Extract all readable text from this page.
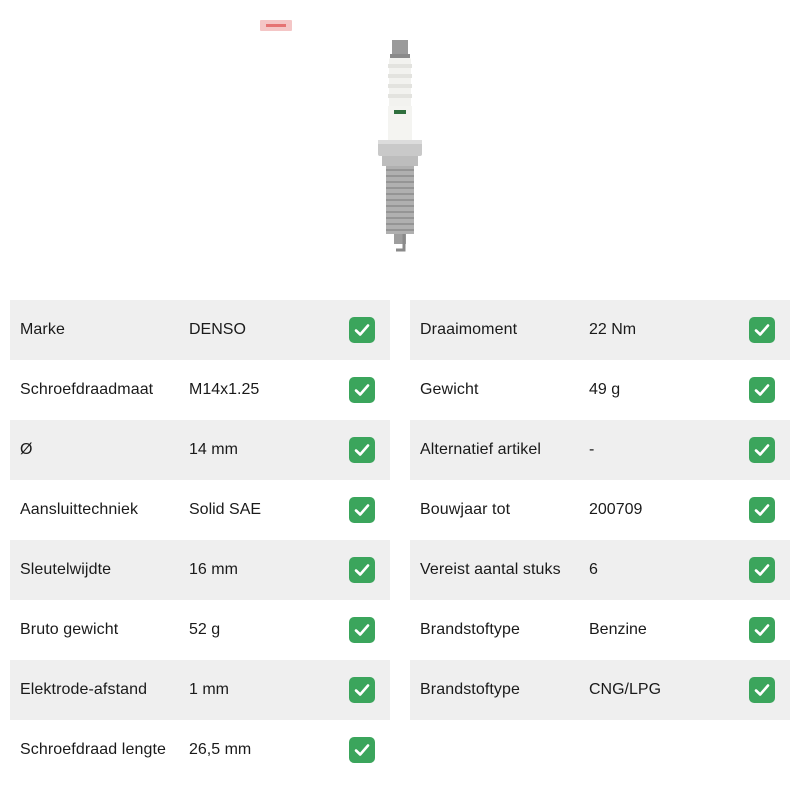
Marke	DENSO
Schroefdraadmaat M14x1.25
Ø	14 mm
Aansluittechniek	Solid SAE
Sleutelwijdte	16 mm
Bruto gewicht	52 g
Elektrode-afstand	1 mm
Schroefdraad lengte 26,5 mm
Draaimoment	22 Nm
Gewicht	49 g
Alternatief artikel	-
Bouwjaar tot	200709
Vereist aantal stuks 6
Brandstoftype	Benzine
Brandstoftype	CNG/LPG
